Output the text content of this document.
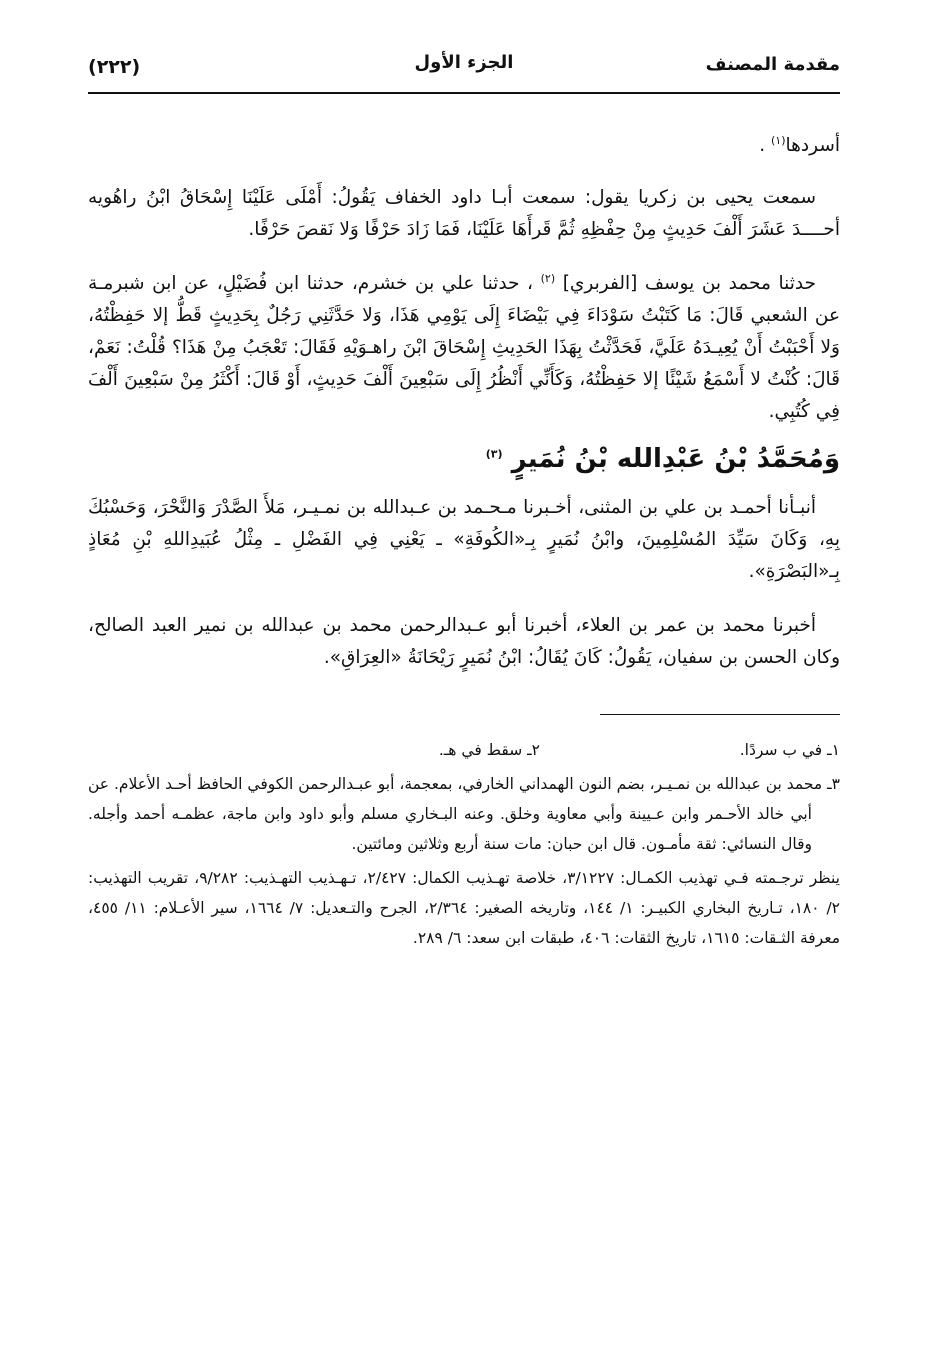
مقدمة المصنف
الجزء الأول
(٢٢٢)

أسردها$^{(١)}$ .

سمعت يحيى بن زكريا يقول: سمعت أبـا داود الخفاف يَقُولُ: أَمْلَى عَلَيْنَا إِسْحَاقُ ابْنُ راهُويه أحــــدَ عَشَرَ أَلْفَ حَدِيثٍ مِنْ حِفْظِهِ ثُمَّ قَرأَهَا عَلَيْنَا، فَمَا زَادَ حَرْفًا وَلا نَقصَ حَرْفًا.

حدثنا محمد بن يوسف [الفربري] $^{(٢)}$ ، حدثنا علي بن خشرم، حدثنا ابن فُضَيْلٍ، عن ابن شبرمـة عن الشعبي قَالَ: مَا كَتَبْتُ سَوْدَاءَ فِي بَيْضَاءَ إِلَى يَوْمِي هَذَا، وَلا حَدَّثَنِي رَجُلٌ بِحَدِيثٍ قَطُّ إلا حَفِظْتُهُ، وَلا أَحْبَبْتُ أَنْ يُعِيـدَهُ عَلَيَّ، فَحَدَّثْتُ بِهَذَا الحَدِيثِ إِسْحَاقَ ابْنَ راهـوَيْهِ فَقَالَ: تَعْجَبُ مِنْ هَذَا؟ قُلْتُ: نَعَمْ، قَالَ: كُنْتُ لا أَسْمَعُ شَيْئًا إلا حَفِظْتُهُ، وَكَأَنِّي أَنْظُرُ إِلَى سَبْعِينَ أَلْفَ حَدِيثٍ، أَوْ قَالَ: أَكْثَرُ مِنْ سَبْعِينَ أَلْفَ فِي كُتُبِي.

وَمُحَمَّدُ بْنُ عَبْدِالله بْنُ نُمَيرٍ $^{(٣)}$

أنبـأنا أحمـد بن علي بن المثنى، أخـبرنا مـحـمد بن عـبدالله بن نمـيـر، مَلأَ الصَّدْرَ وَالنَّحْرَ، وَحَسْبُكَ بِهِ، وَكَانَ سَيِّدَ المُسْلِمِينَ، وابْنُ نُمَيرٍ بِـ«الكُوفَةِ» ـ يَعْنِي فِي الفَضْلِ ـ مِثْلُ عُبَيدِاللهِ بْنِ مُعَاذٍ بِـ«البَصْرَةِ».

أخبرنا محمد بن عمر بن العلاء، أخبرنا أبو عـبدالرحمن محمد بن عبدالله بن نمير العبد الصالح، وكان الحسن بن سفيان، يَقُولُ: كَانَ يُقَالُ: ابْنُ نُمَيرٍ رَيْحَانَةُ «العِرَاقِ».

١ـ في ب سردًا.
٢ـ سقط في هـ.

٣ـ محمد بن عبدالله بن نمـيـر، بضم النون الهمداني الخارفي، بمعجمة، أبو عبـدالرحمن الكوفي الحافظ أحـد الأعلام. عن أبي خالد الأحـمر وابن عـيينة وأبي معاوية وخلق. وعنه البـخاري مسلم وأبو داود وابن ماجة، عظمـه أحمد وأجله. وقال النسائي: ثقة مأمـون. قال ابن حبان: مات سنة أربع وثلاثين ومائتين.

ينظر ترجـمته فـي تهذيب الكمـال: ٣/١٢٢٧، خلاصة تهـذيب الكمال: ٢/٤٢٧، تـهـذيب التهـذيب: ٩/٢٨٢، تقريب التهذيب: ٢/ ١٨٠، تـاريخ البخاري الكبيـر: ١/ ١٤٤، وتاريخه الصغير: ٢/٣٦٤، الجرح والتـعديل: ٧/ ١٦٦٤، سير الأعـلام: ١١/ ٤٥٥، معرفة الثـقات: ١٦١٥، تاريخ الثقات: ٤٠٦، طبقات ابن سعد: ٦/ ٢٨٩.
